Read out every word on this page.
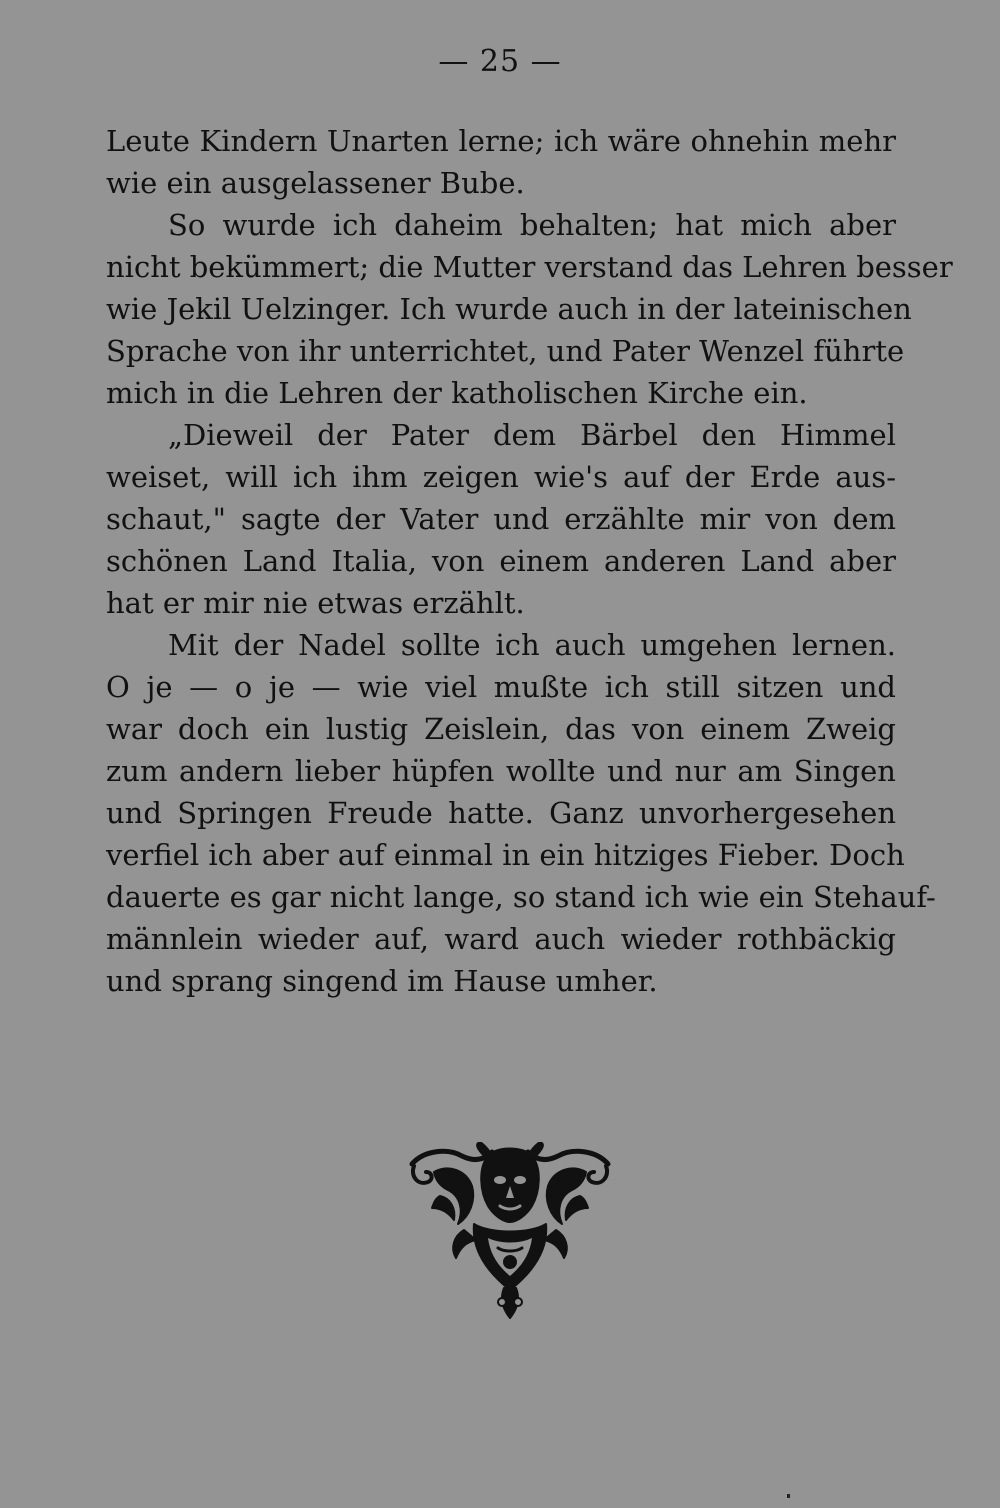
— 25 —
Leute Kindern Unarten lerne; ich wäre ohnehin mehr
wie ein ausgelassener Bube.
So wurde ich daheim behalten; hat mich aber
nicht bekümmert; die Mutter verstand das Lehren besser
wie Jekil Uelzinger. Ich wurde auch in der lateinischen
Sprache von ihr unterrichtet, und Pater Wenzel führte
mich in die Lehren der katholischen Kirche ein.
„Dieweil der Pater dem Bärbel den Himmel
weiset, will ich ihm zeigen wie's auf der Erde aus-
schaut," sagte der Vater und erzählte mir von dem
schönen Land Italia, von einem anderen Land aber
hat er mir nie etwas erzählt.
Mit der Nadel sollte ich auch umgehen lernen.
O je — o je — wie viel mußte ich still sitzen und
war doch ein lustig Zeislein, das von einem Zweig
zum andern lieber hüpfen wollte und nur am Singen
und Springen Freude hatte. Ganz unvorhergesehen
verfiel ich aber auf einmal in ein hitziges Fieber. Doch
dauerte es gar nicht lange, so stand ich wie ein Stehauf-
männlein wieder auf, ward auch wieder rothbäckig
und sprang singend im Hause umher.
